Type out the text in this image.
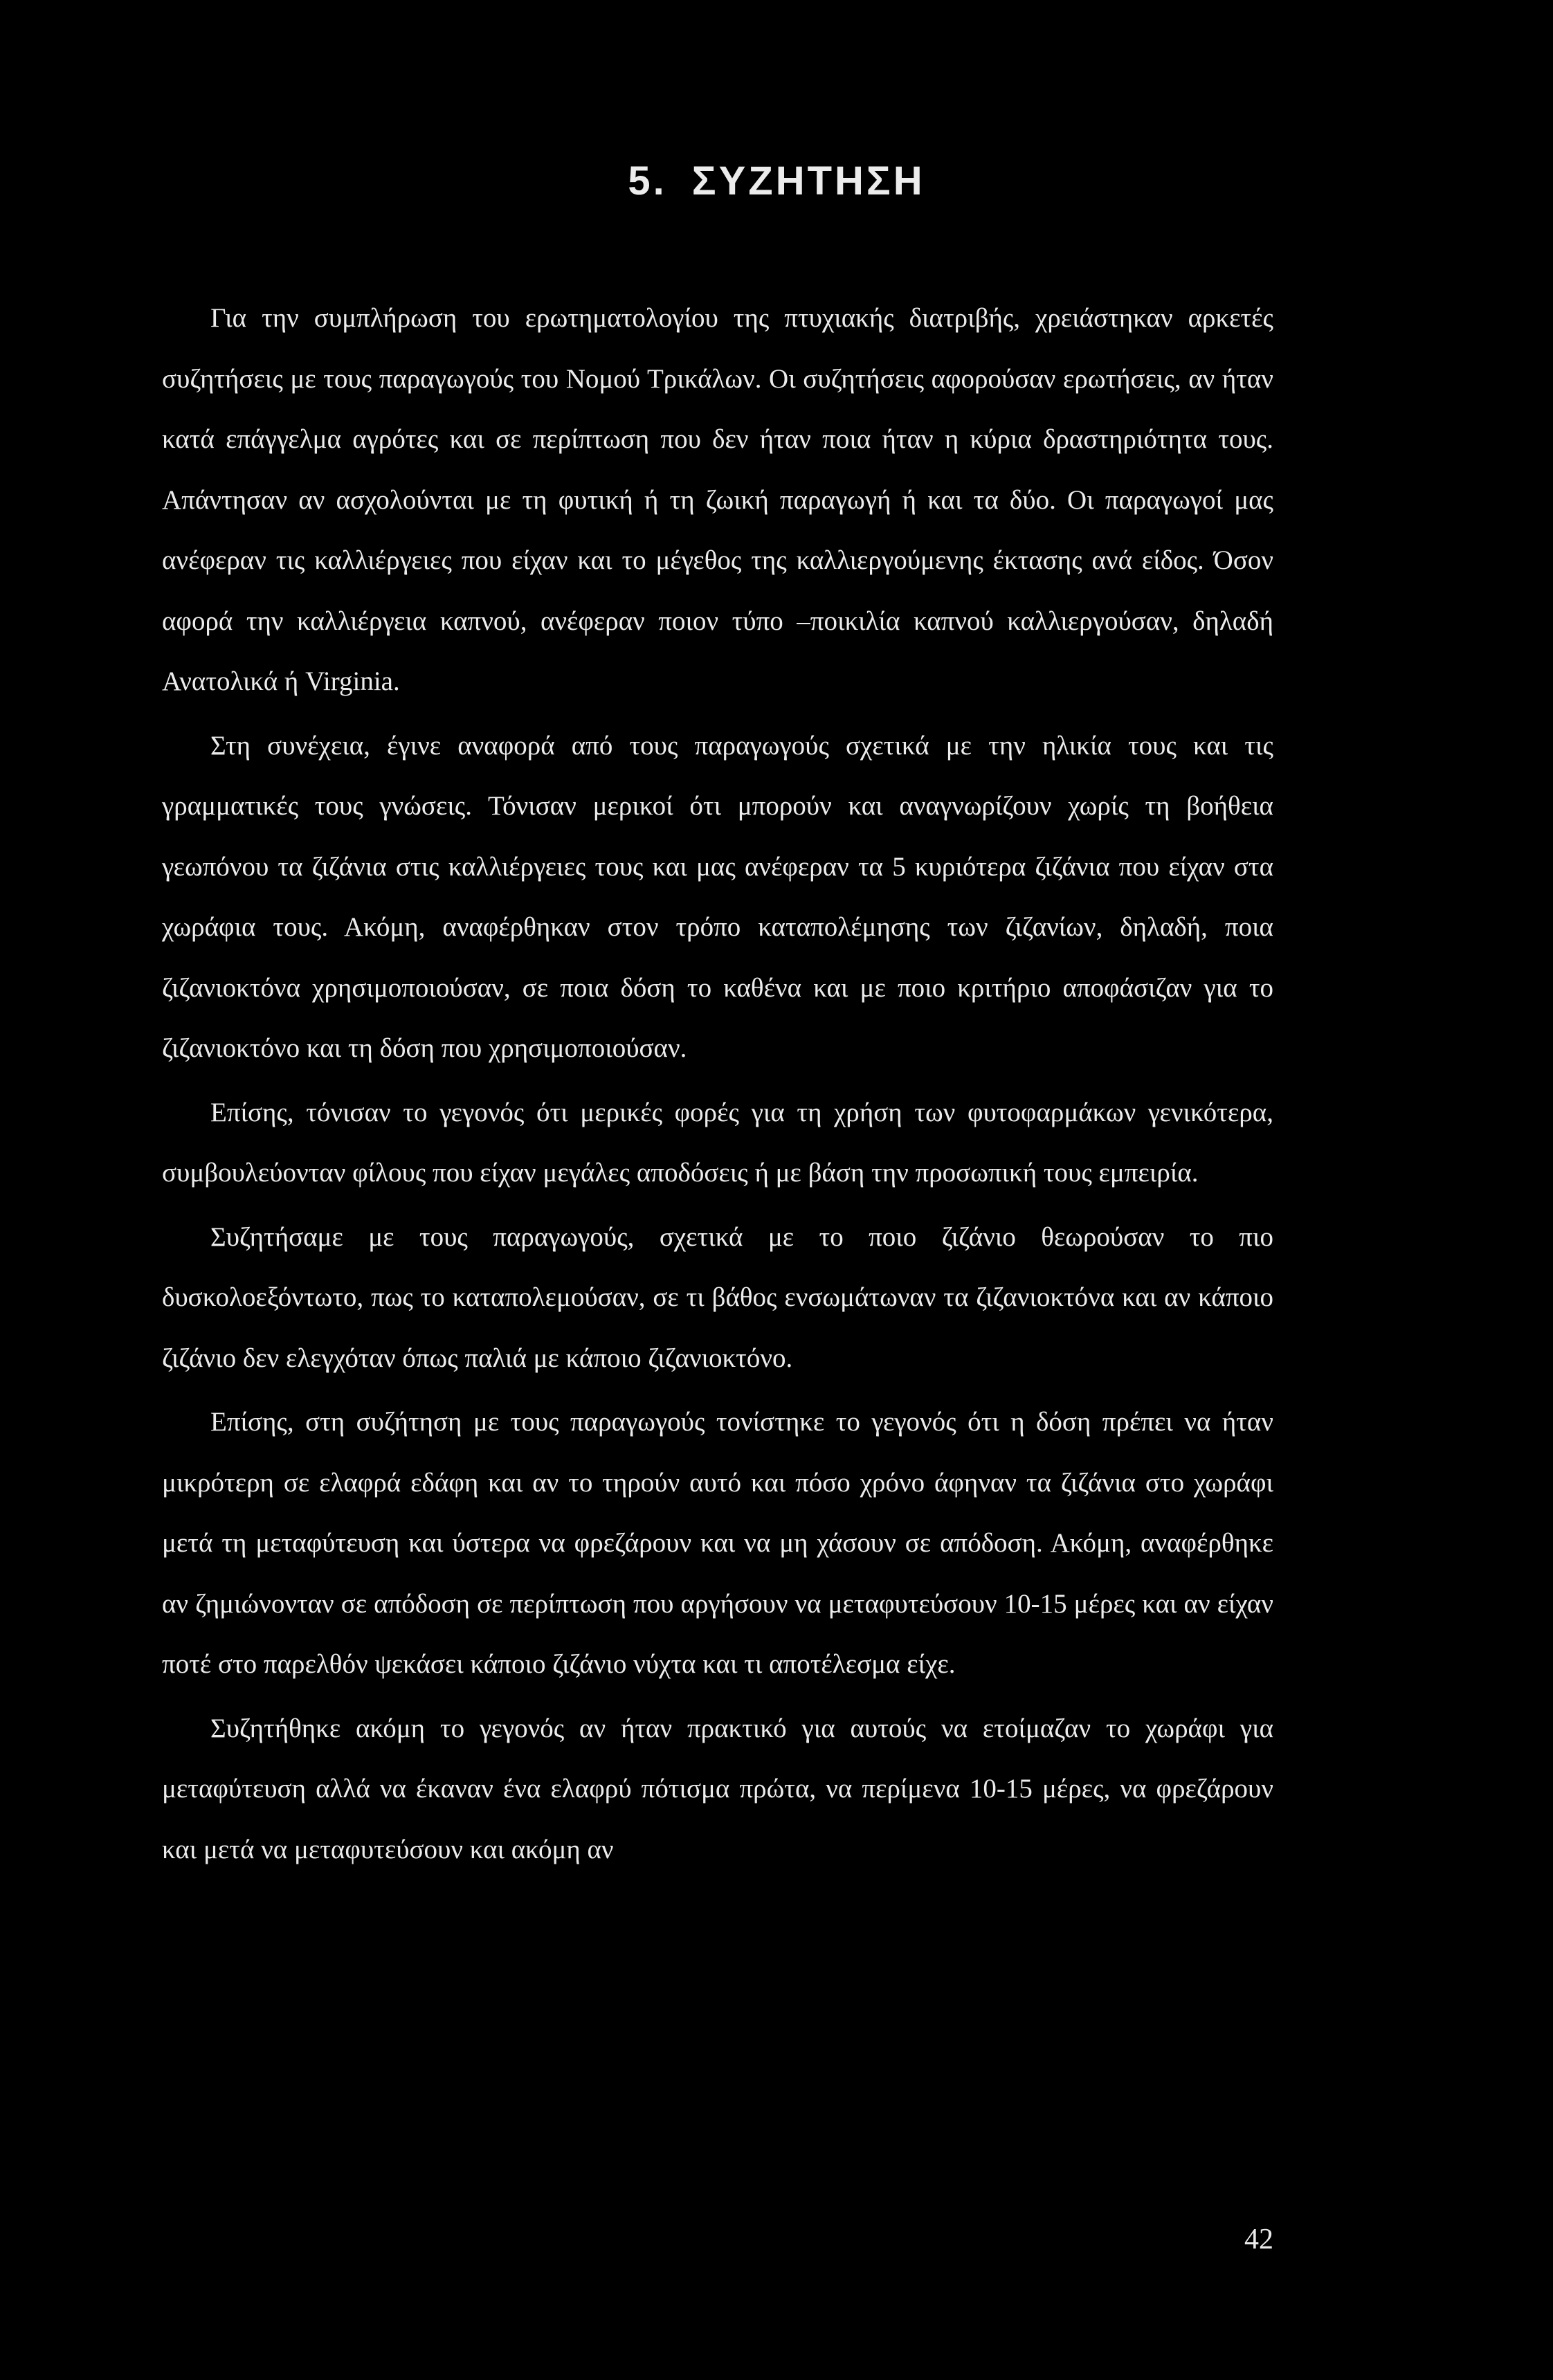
5. ΣΥΖΗΤΗΣΗ

Για την συμπλήρωση του ερωτηματολογίου της πτυχιακής διατριβής, χρειάστηκαν αρκετές συζητήσεις με τους παραγωγούς του Νομού Τρικάλων. Οι συζητήσεις αφορούσαν ερωτήσεις, αν ήταν κατά επάγγελμα αγρότες και σε περίπτωση που δεν ήταν ποια ήταν η κύρια δραστηριότητα τους. Απάντησαν αν ασχολούνται με τη φυτική ή τη ζωική παραγωγή ή και τα δύο. Οι παραγωγοί μας ανέφεραν τις καλλιέργειες που είχαν και το μέγεθος της καλλιεργούμενης έκτασης ανά είδος. Όσον αφορά την καλλιέργεια καπνού, ανέφεραν ποιον τύπο –ποικιλία καπνού καλλιεργούσαν, δηλαδή Ανατολικά ή Virginia.

Στη συνέχεια, έγινε αναφορά από τους παραγωγούς σχετικά με την ηλικία τους και τις γραμματικές τους γνώσεις. Τόνισαν μερικοί ότι μπορούν και αναγνωρίζουν χωρίς τη βοήθεια γεωπόνου τα ζιζάνια στις καλλιέργειες τους και μας ανέφεραν τα 5 κυριότερα ζιζάνια που είχαν στα χωράφια τους. Ακόμη, αναφέρθηκαν στον τρόπο καταπολέμησης των ζιζανίων, δηλαδή, ποια ζιζανιοκτόνα χρησιμοποιούσαν, σε ποια δόση το καθένα και με ποιο κριτήριο αποφάσιζαν για το ζιζανιοκτόνο και τη δόση που χρησιμοποιούσαν.

Επίσης, τόνισαν το γεγονός ότι μερικές φορές για τη χρήση των φυτοφαρμάκων γενικότερα, συμβουλεύονταν φίλους που είχαν μεγάλες αποδόσεις ή με βάση την προσωπική τους εμπειρία.

Συζητήσαμε με τους παραγωγούς, σχετικά με το ποιο ζιζάνιο θεωρούσαν το πιο δυσκολοεξόντωτο, πως το καταπολεμούσαν, σε τι βάθος ενσωμάτωναν τα ζιζανιοκτόνα και αν κάποιο ζιζάνιο δεν ελεγχόταν όπως παλιά με κάποιο ζιζανιοκτόνο.

Επίσης, στη συζήτηση με τους παραγωγούς τονίστηκε το γεγονός ότι η δόση πρέπει να ήταν μικρότερη σε ελαφρά εδάφη και αν το τηρούν αυτό και πόσο χρόνο άφηναν τα ζιζάνια στο χωράφι μετά τη μεταφύτευση και ύστερα να φρεζάρουν και να μη χάσουν σε απόδοση. Ακόμη, αναφέρθηκε αν ζημιώνονταν σε απόδοση σε περίπτωση που αργήσουν να μεταφυτεύσουν 10-15 μέρες και αν είχαν ποτέ στο παρελθόν ψεκάσει κάποιο ζιζάνιο νύχτα και τι αποτέλεσμα είχε.

Συζητήθηκε ακόμη το γεγονός αν ήταν πρακτικό για αυτούς να ετοίμαζαν το χωράφι για μεταφύτευση αλλά να έκαναν ένα ελαφρύ πότισμα πρώτα, να περίμενα 10-15 μέρες, να φρεζάρουν και μετά να μεταφυτεύσουν και ακόμη αν

42
